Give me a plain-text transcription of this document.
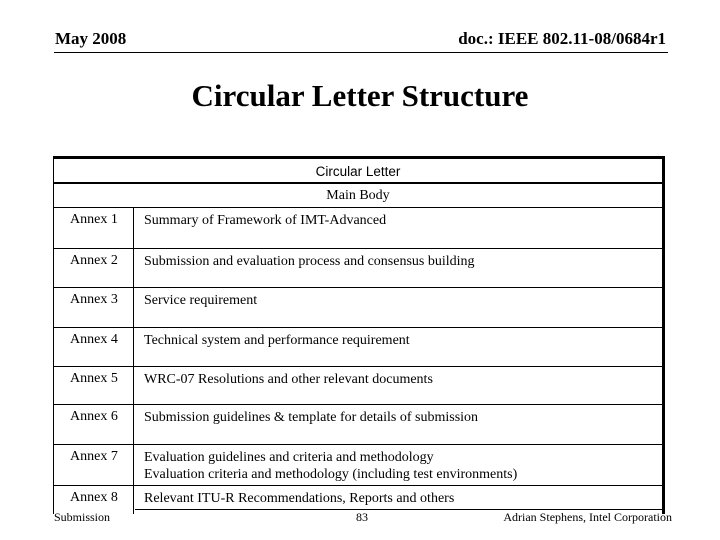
May 2008	doc.: IEEE 802.11-08/0684r1
Circular Letter Structure
Circular Letter
Main Body
Annex 1	Summary of Framework of IMT-Advanced
Annex 2	Submission and evaluation process and consensus building
Annex 3	Service requirement
Annex 4	Technical system and performance requirement
Annex 5	WRC-07 Resolutions and other relevant documents
Annex 6	Submission guidelines & template for details of submission
Annex 7	Evaluation guidelines and criteria and methodology
Evaluation criteria and methodology (including test environments)
Annex 8	Relevant ITU-R Recommendations, Reports and others
Submission	83	Adrian Stephens, Intel Corporation
